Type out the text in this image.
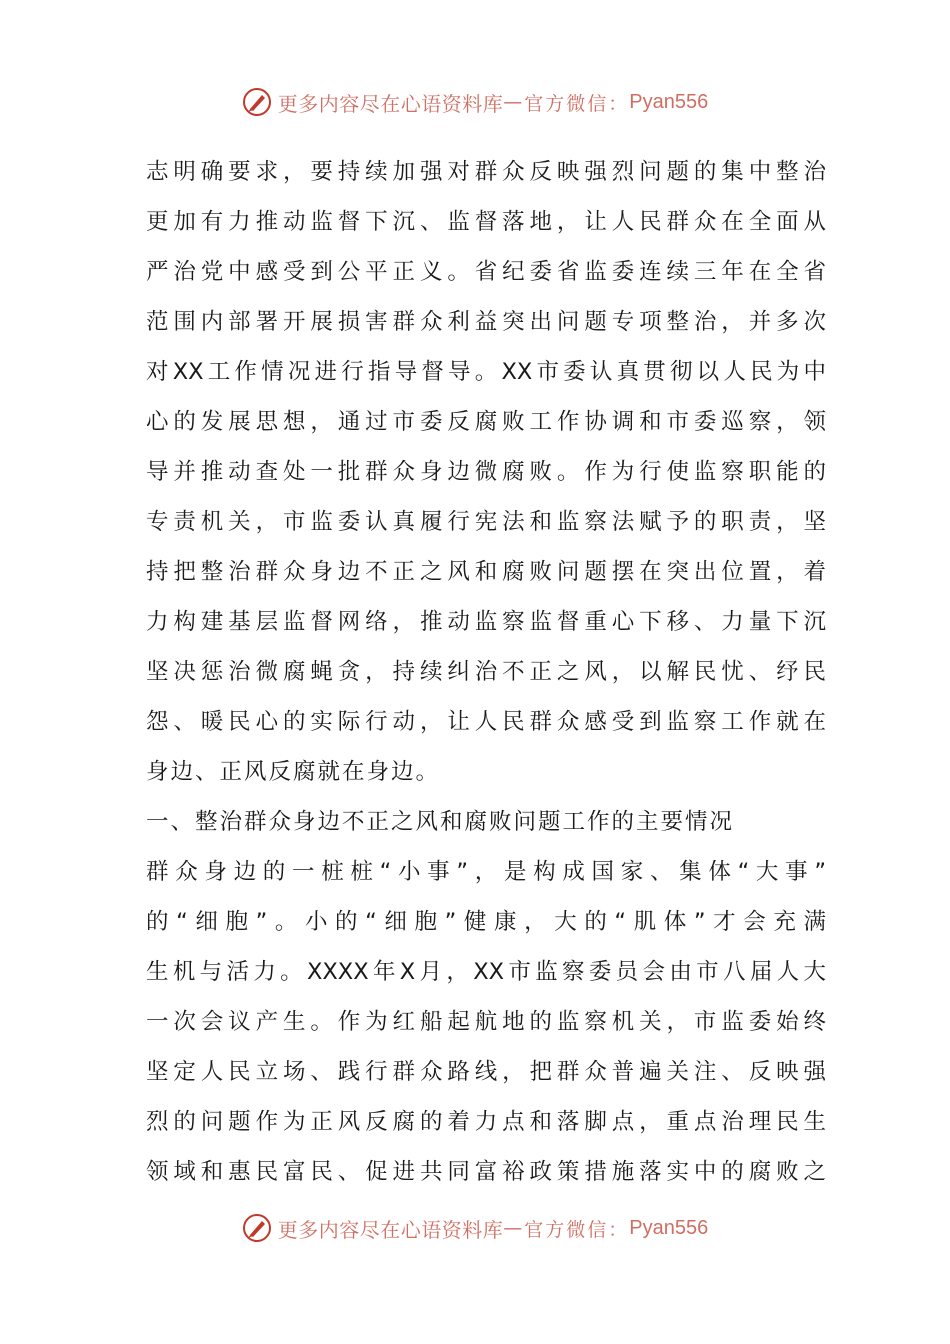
更多内容尽在心语资料库 — 官方微信： Pyan556
志明确要求，要持续加强对群众反映强烈问题的集中整治
更加有力推动监督下沉、监督落地，让人民群众在全面从
严治党中感受到公平正义。省纪委省监委连续三年在全省
范围内部署开展损害群众利益突出问题专项整治，并多次
对XX工作情况进行指导督导。XX市委认真贯彻以人民为中
心的发展思想，通过市委反腐败工作协调和市委巡察，领
导并推动查处一批群众身边微腐败。作为行使监察职能的
专责机关，市监委认真履行宪法和监察法赋予的职责，坚
持把整治群众身边不正之风和腐败问题摆在突出位置，着
力构建基层监督网络，推动监察监督重心下移、力量下沉
坚决惩治微腐蝇贪，持续纠治不正之风，以解民忧、纾民
怨、暖民心的实际行动，让人民群众感受到监察工作就在
身边、正风反腐就在身边。
一、整治群众身边不正之风和腐败问题工作的主要情况
群众身边的一桩桩“小事”，是构成国家、集体“大事”
的“细胞”。小的“细胞”健康，大的“肌体”才会充满
生机与活力。XXXX年X月，XX市监察委员会由市八届人大
一次会议产生。作为红船起航地的监察机关，市监委始终
坚定人民立场、践行群众路线，把群众普遍关注、反映强
烈的问题作为正风反腐的着力点和落脚点，重点治理民生
领域和惠民富民、促进共同富裕政策措施落实中的腐败之
更多内容尽在心语资料库 — 官方微信： Pyan556
